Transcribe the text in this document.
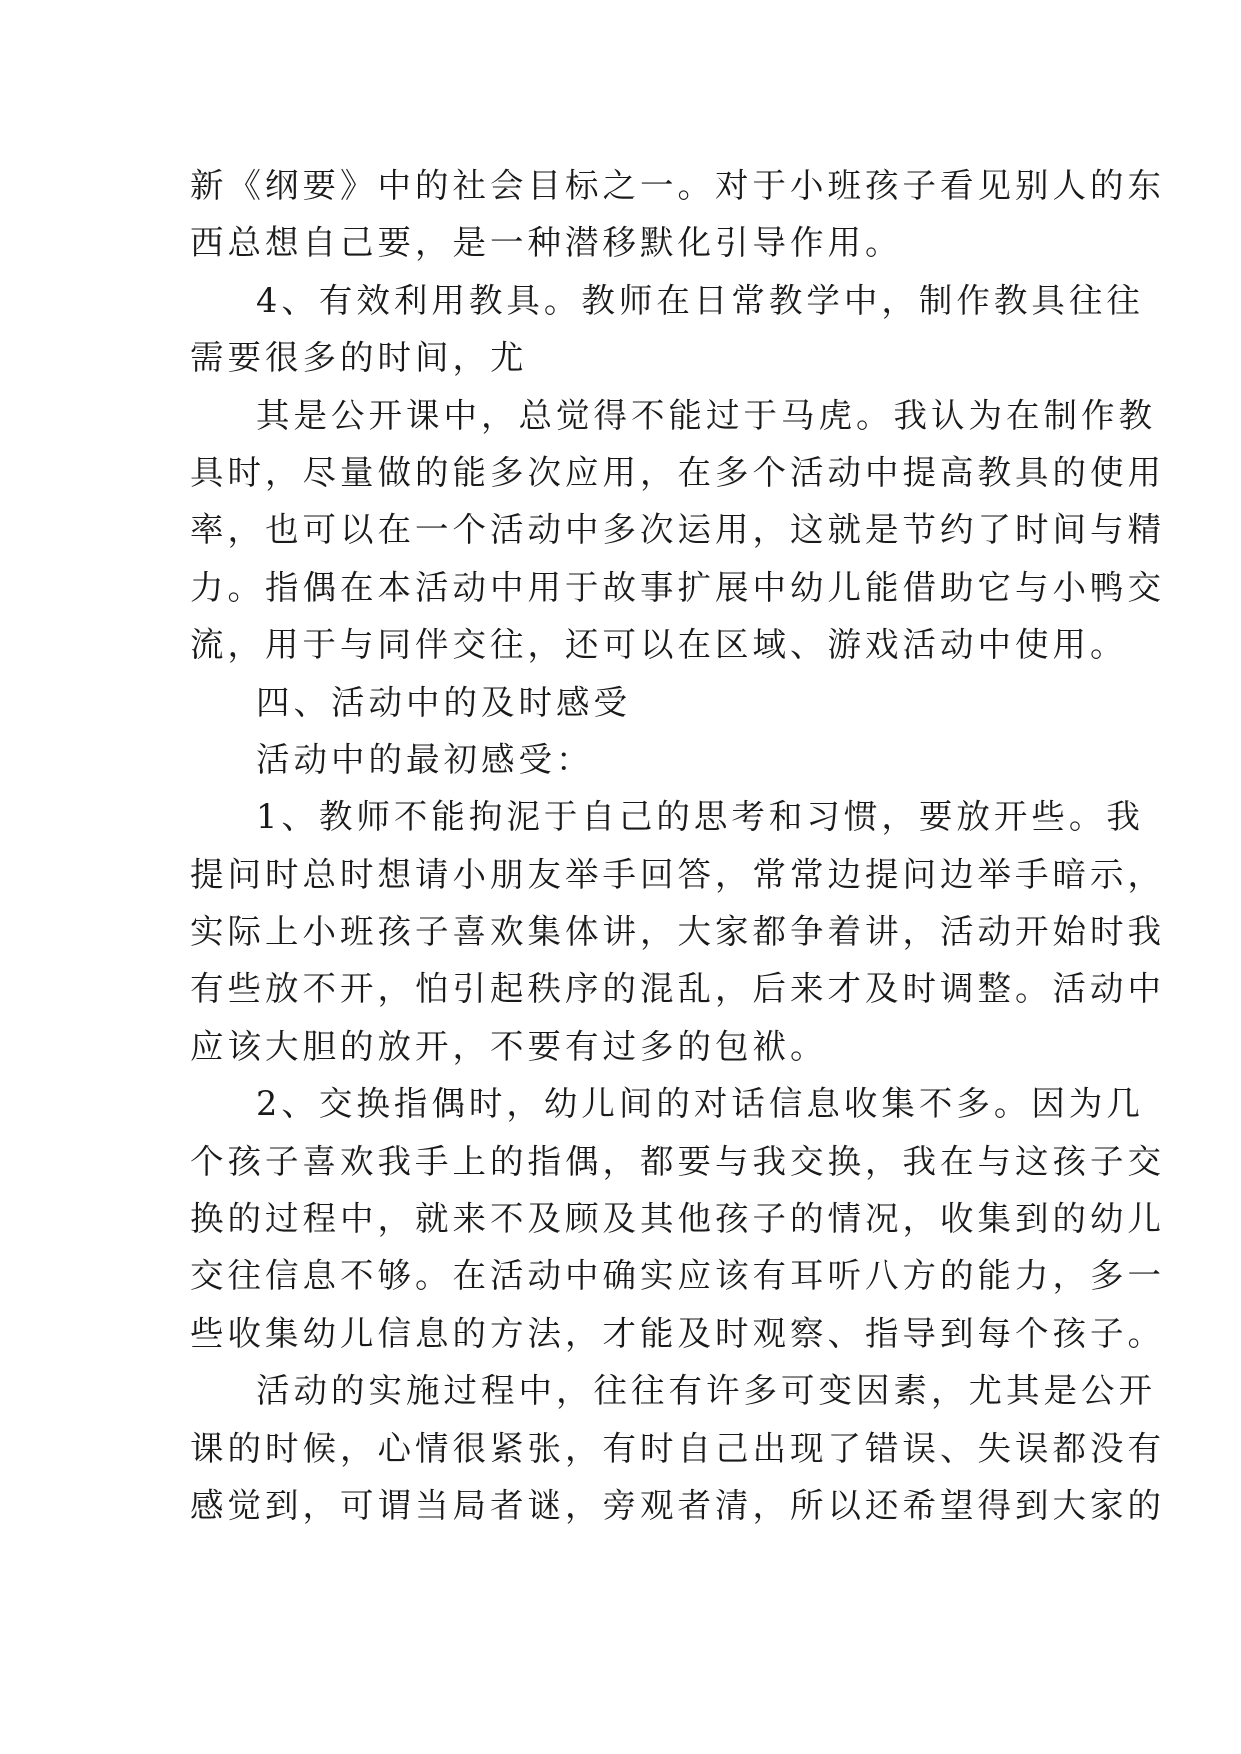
新《纲要》中的社会目标之一。对于小班孩子看见别人的东
西总想自己要，是一种潜移默化引导作用。
4、有效利用教具。教师在日常教学中，制作教具往往
需要很多的时间，尤
其是公开课中，总觉得不能过于马虎。我认为在制作教
具时，尽量做的能多次应用，在多个活动中提高教具的使用
率，也可以在一个活动中多次运用，这就是节约了时间与精
力。指偶在本活动中用于故事扩展中幼儿能借助它与小鸭交
流，用于与同伴交往，还可以在区域、游戏活动中使用。
四、活动中的及时感受
活动中的最初感受：
1、教师不能拘泥于自己的思考和习惯，要放开些。我
提问时总时想请小朋友举手回答，常常边提问边举手暗示，
实际上小班孩子喜欢集体讲，大家都争着讲，活动开始时我
有些放不开，怕引起秩序的混乱，后来才及时调整。活动中
应该大胆的放开，不要有过多的包袱。
2、交换指偶时，幼儿间的对话信息收集不多。因为几
个孩子喜欢我手上的指偶，都要与我交换，我在与这孩子交
换的过程中，就来不及顾及其他孩子的情况，收集到的幼儿
交往信息不够。在活动中确实应该有耳听八方的能力，多一
些收集幼儿信息的方法，才能及时观察、指导到每个孩子。
活动的实施过程中，往往有许多可变因素，尤其是公开
课的时候，心情很紧张，有时自己出现了错误、失误都没有
感觉到，可谓当局者谜，旁观者清，所以还希望得到大家的
